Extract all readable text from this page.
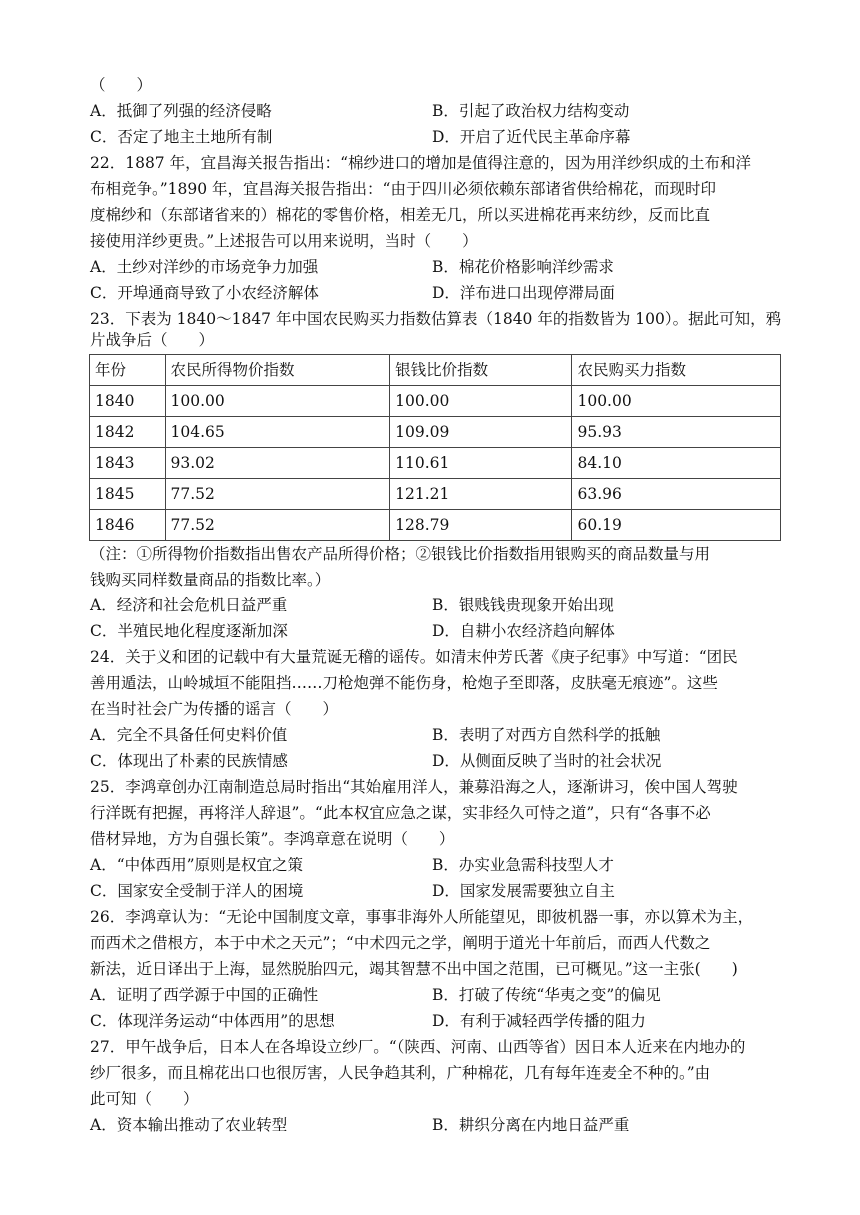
（　　）
A．抵御了列强的经济侵略	B．引起了政治权力结构变动
C．否定了地主土地所有制	D．开启了近代民主革命序幕
22．1887 年，宜昌海关报告指出：“棉纱进口的增加是值得注意的，因为用洋纱织成的土布和洋
布相竞争。”1890 年，宜昌海关报告指出：“由于四川必须依赖东部诸省供给棉花，而现时印
度棉纱和（东部诸省来的）棉花的零售价格，相差无几，所以买进棉花再来纺纱，反而比直
接使用洋纱更贵。”上述报告可以用来说明，当时（　　）
A．土纱对洋纱的市场竞争力加强	B．棉花价格影响洋纱需求
C．开埠通商导致了小农经济解体	D．洋布进口出现停滞局面
23．下表为 1840～1847 年中国农民购买力指数估算表（1840 年的指数皆为 100）。据此可知，鸦
片战争后（　　）
年份	农民所得物价指数	银钱比价指数	农民购买力指数
1840	100.00	100.00	100.00
1842	104.65	109.09	95.93
1843	93.02	110.61	84.10
1845	77.52	121.21	63.96
1846	77.52	128.79	60.19
（注：①所得物价指数指出售农产品所得价格；②银钱比价指数指用银购买的商品数量与用
钱购买同样数量商品的指数比率。）
A．经济和社会危机日益严重	B．银贱钱贵现象开始出现
C．半殖民地化程度逐渐加深	D．自耕小农经济趋向解体
24．关于义和团的记载中有大量荒诞无稽的谣传。如清末仲芳氏著《庚子纪事》中写道：“团民
善用遁法，山岭城垣不能阻挡……刀枪炮弹不能伤身，枪炮子至即落，皮肤毫无痕迹”。这些
在当时社会广为传播的谣言（　　）
A．完全不具备任何史料价值	B．表明了对西方自然科学的抵触
C．体现出了朴素的民族情感	D．从侧面反映了当时的社会状况
25．李鸿章创办江南制造总局时指出“其始雇用洋人，兼募沿海之人，逐渐讲习，俟中国人驾驶
行洋既有把握，再将洋人辞退”。“此本权宜应急之谋，实非经久可恃之道”，只有“各事不必
借材异地，方为自强长策”。李鸿章意在说明（　　）
A．“中体西用”原则是权宜之策	B．办实业急需科技型人才
C．国家安全受制于洋人的困境	D．国家发展需要独立自主
26．李鸿章认为：“无论中国制度文章，事事非海外人所能望见，即彼机器一事，亦以算术为主，
而西术之借根方，本于中术之天元”；“中术四元之学，阐明于道光十年前后，而西人代数之
新法，近日译出于上海，显然脱胎四元，竭其智慧不出中国之范围，已可概见。”这一主张(　　)
A．证明了西学源于中国的正确性	B．打破了传统“华夷之变”的偏见
C．体现洋务运动“中体西用”的思想	D．有利于减轻西学传播的阻力
27．甲午战争后，日本人在各埠设立纱厂。“（陕西、河南、山西等省）因日本人近来在内地办的
纱厂很多，而且棉花出口也很厉害，人民争趋其利，广种棉花，几有每年连麦全不种的。”由
此可知（　　）
A．资本输出推动了农业转型	B．耕织分离在内地日益严重
